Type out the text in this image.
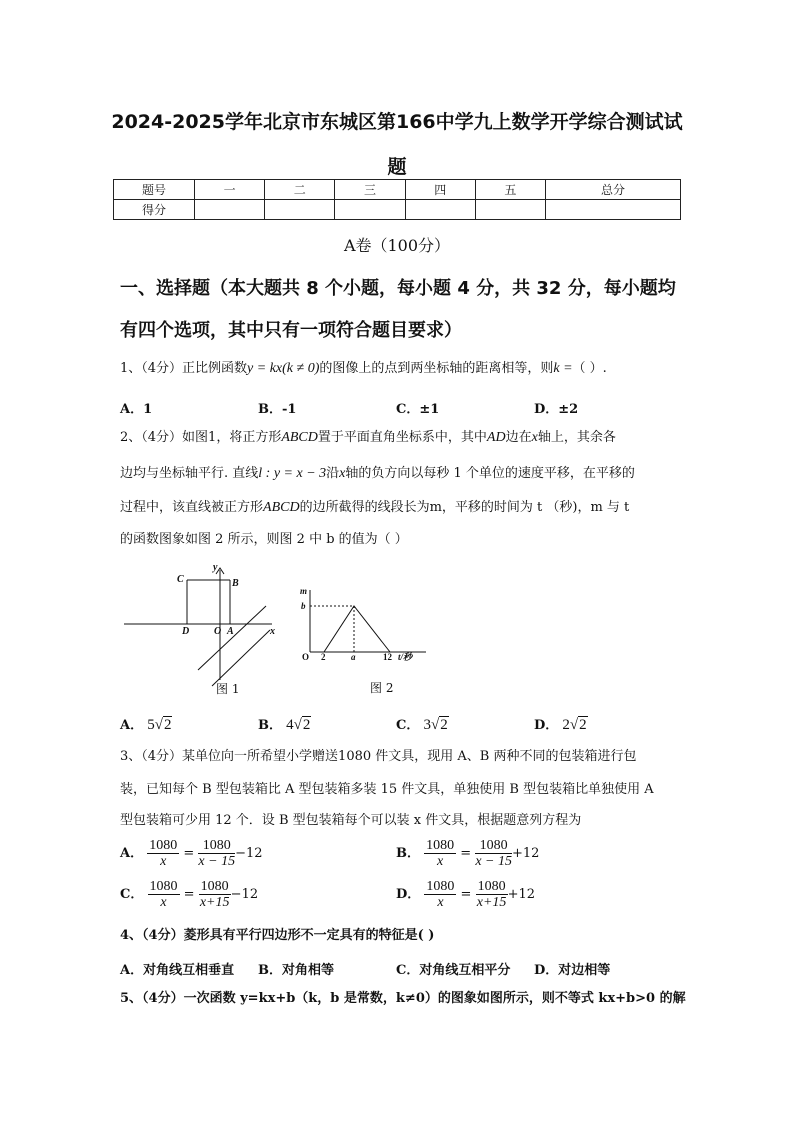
2024-2025学年北京市东城区第166中学九上数学开学综合测试试
题
题号	一	二	三	四	五	总分
得分						
A卷（100分）
一、选择题（本大题共 8 个小题，每小题 4 分，共 32 分，每小题均
有四个选项，其中只有一项符合题目要求）
1、（4分）正比例函数y = kx(k ≠ 0)的图像上的点到两坐标轴的距离相等，则k =（ ）.
A．1	B．-1	C．±1	D．±2
2、（4分）如图1，将正方形ABCD置于平面直角坐标系中，其中AD边在x轴上，其余各
边均与坐标轴平行. 直线l : y = x − 3沿x轴的负方向以每秒 1 个单位的速度平移，在平移的
过程中，该直线被正方形ABCD的边所截得的线段长为m，平移的时间为 t （秒)，m 与 t
的函数图象如图 2 所示，则图 2 中 b 的值为（ ）
y
C	B
D O A	x
图 1
m
b
O 2	a	12 t/秒
图 2
A． 5√2	B． 4√2	C． 3√2	D． 2√2
3、（4分）某单位向一所希望小学赠送1080 件文具，现用 A、B 两种不同的包装箱进行包
装，已知每个 B 型包装箱比 A 型包装箱多装 15 件文具，单独使用 B 型包装箱比单独使用 A
型包装箱可少用 12 个．设 B 型包装箱每个可以装 x 件文具，根据题意列方程为
A． $\frac{1080}{x} = \frac{1080}{x - 15} -12$	B． $\frac{1080}{x} = \frac{1080}{x - 15} +12$
C． $\frac{1080}{x} = \frac{1080}{x+15} -12$	D． $\frac{1080}{x} = \frac{1080}{x+15} +12$
4、（4分）菱形具有平行四边形不一定具有的特征是( )
A．对角线互相垂直 B．对角相等	C．对角线互相平分 D．对边相等
5、（4分）一次函数 y=kx+b（k，b 是常数，k≠0）的图象如图所示，则不等式 kx+b>0 的解
